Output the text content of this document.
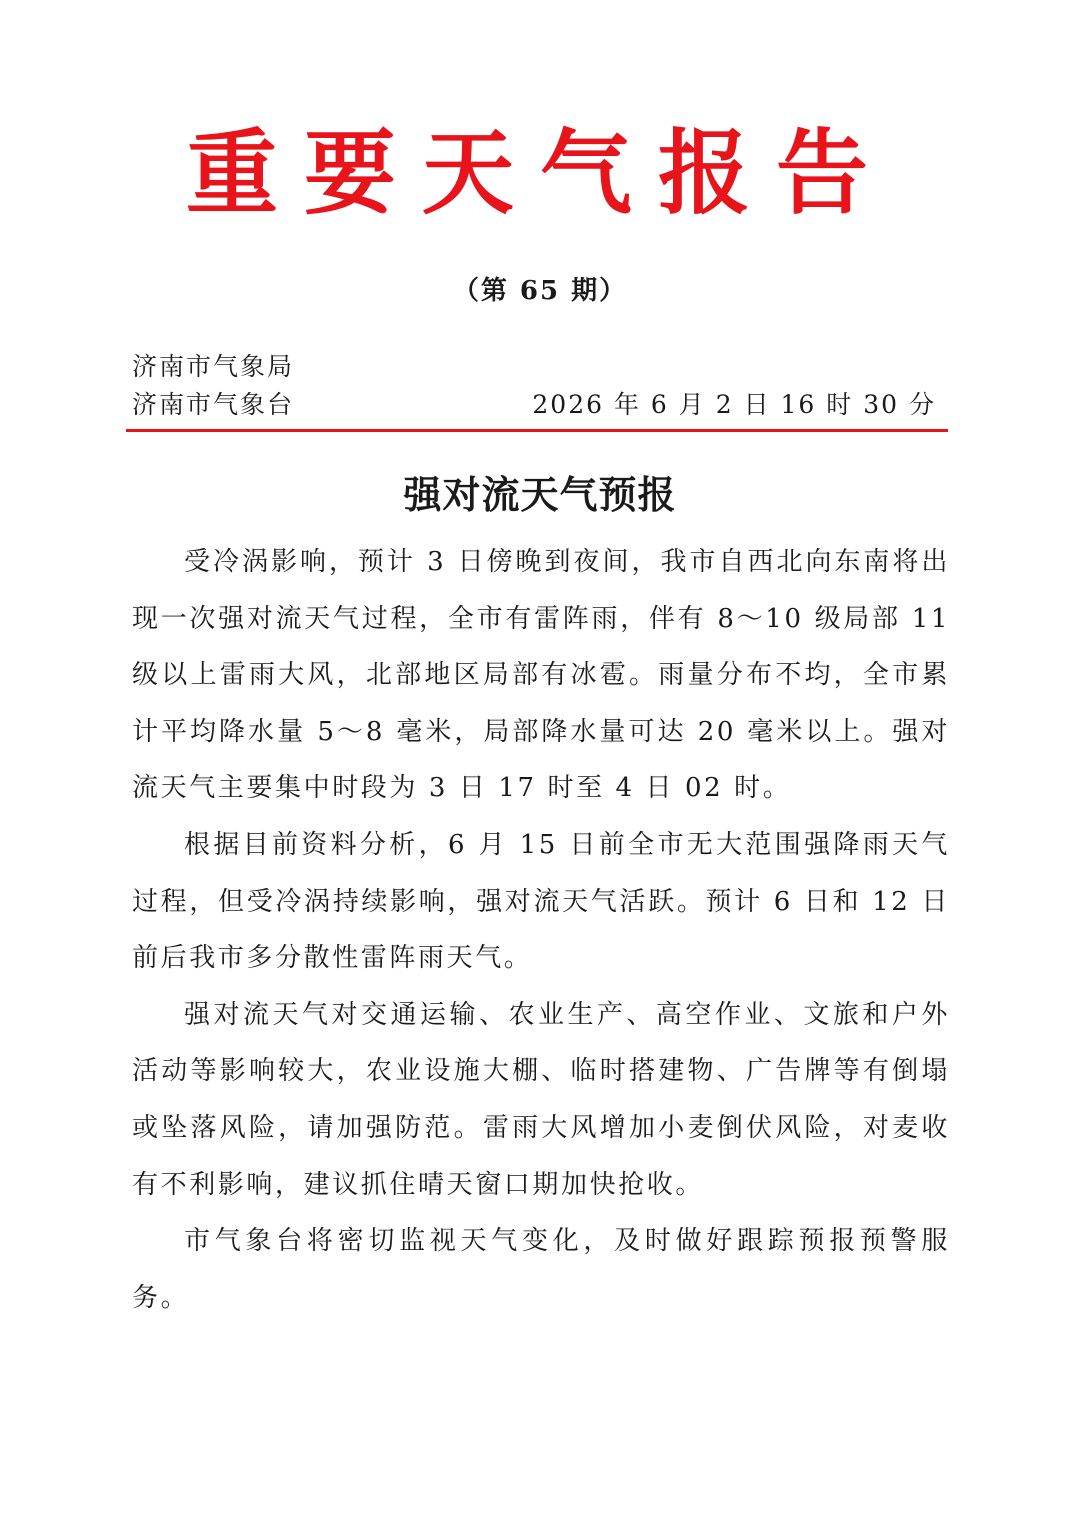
重要天气报告
（第 65 期）
济南市气象局
济南市气象台	2026 年 6 月 2 日 16 时 30 分
强对流天气预报

受冷涡影响，预计 3 日傍晚到夜间，我市自西北向东南将出现一次强对流天气过程，全市有雷阵雨，伴有 8～10 级局部 11 级以上雷雨大风，北部地区局部有冰雹。雨量分布不均，全市累计平均降水量 5～8 毫米，局部降水量可达 20 毫米以上。强对流天气主要集中时段为 3 日 17 时至 4 日 02 时。

根据目前资料分析，6 月 15 日前全市无大范围强降雨天气过程，但受冷涡持续影响，强对流天气活跃。预计 6 日和 12 日前后我市多分散性雷阵雨天气。

强对流天气对交通运输、农业生产、高空作业、文旅和户外活动等影响较大，农业设施大棚、临时搭建物、广告牌等有倒塌或坠落风险，请加强防范。雷雨大风增加小麦倒伏风险，对麦收有不利影响，建议抓住晴天窗口期加快抢收。

市气象台将密切监视天气变化，及时做好跟踪预报预警服务。
